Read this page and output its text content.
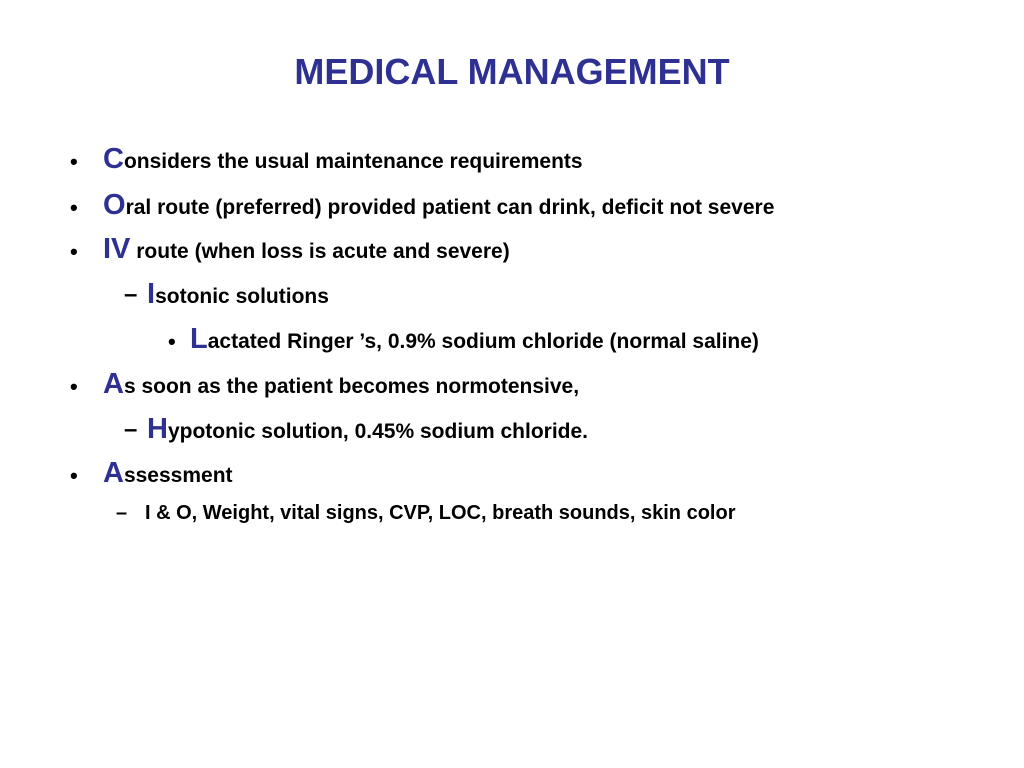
MEDICAL MANAGEMENT
• Considers the usual maintenance requirements
• Oral route (preferred) provided patient can drink, deficit not severe
• IV route (when loss is acute and severe)
– Isotonic solutions
• Lactated Ringer ’s, 0.9% sodium chloride (normal saline)
• As soon as the patient becomes normotensive,
– Hypotonic solution, 0.45% sodium chloride.
• Assessment
– I & O, Weight, vital signs, CVP, LOC, breath sounds, skin color
